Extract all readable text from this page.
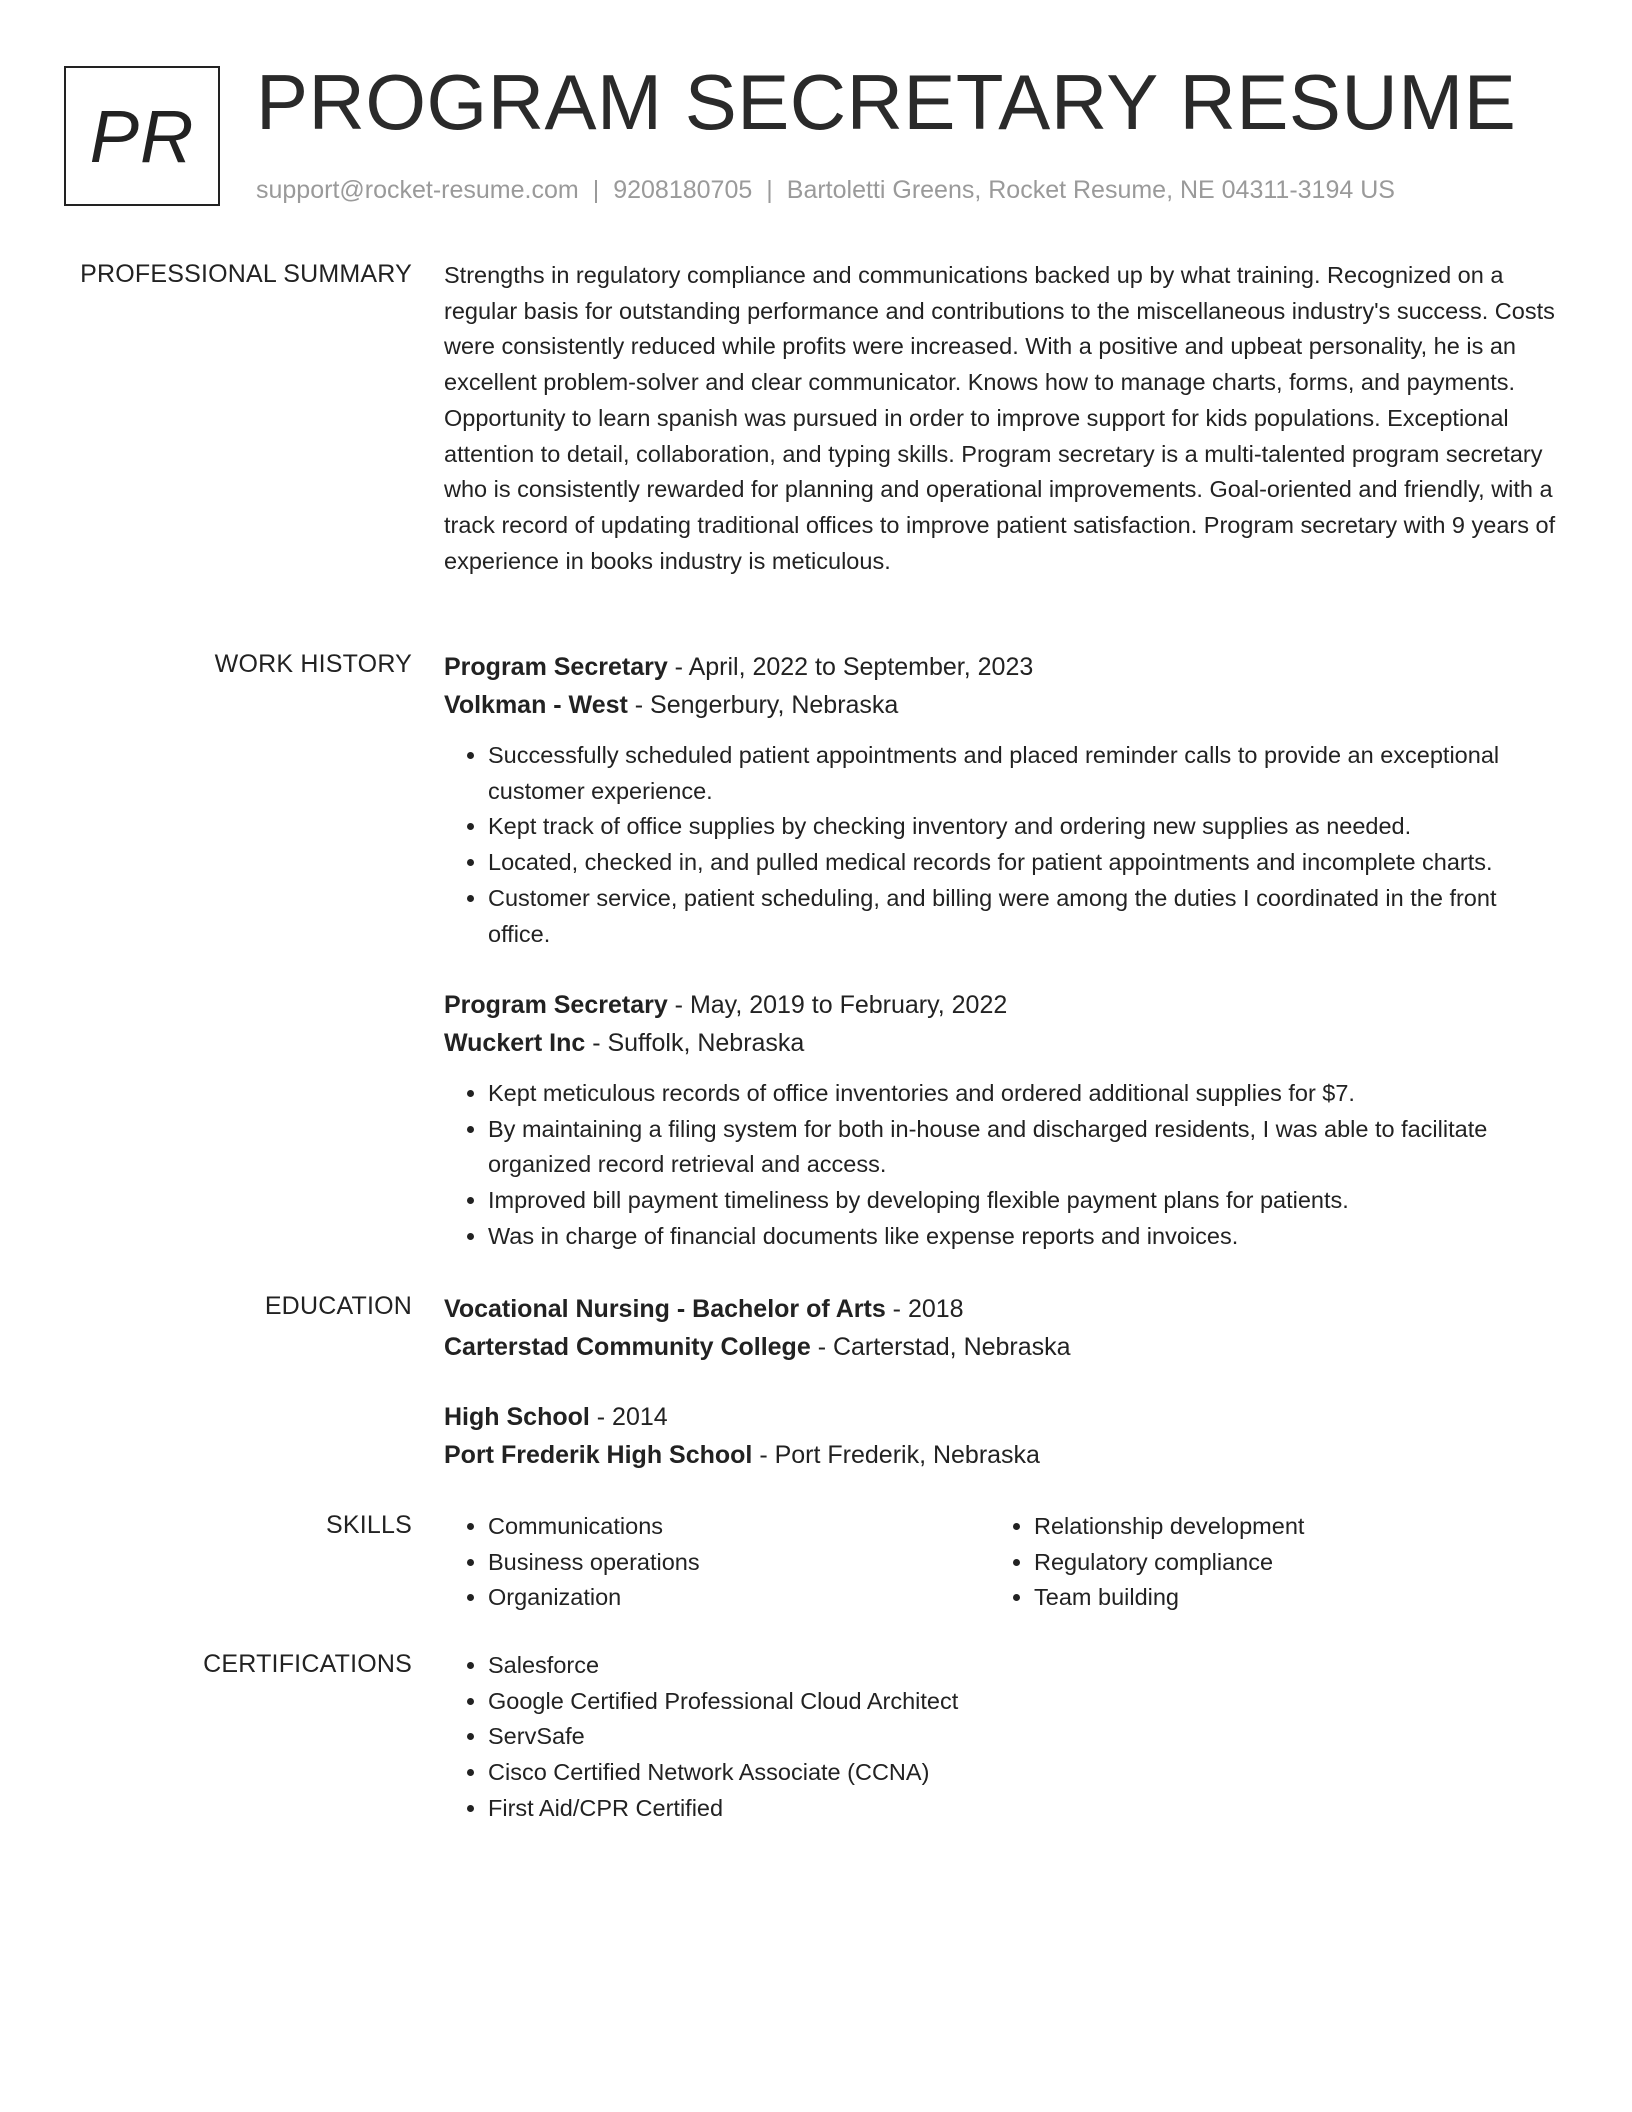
PR PROGRAM SECRETARY RESUME
support@rocket-resume.com | 9208180705 | Bartoletti Greens, Rocket Resume, NE 04311-3194 US
PROFESSIONAL SUMMARY Strengths in regulatory compliance and communications backed up by what training. Recognized on a regular basis for outstanding performance and contributions to the miscellaneous industry's success. Costs were consistently reduced while profits were increased. With a positive and upbeat personality, he is an excellent problem-solver and clear communicator. Knows how to manage charts, forms, and payments. Opportunity to learn spanish was pursued in order to improve support for kids populations. Exceptional attention to detail, collaboration, and typing skills. Program secretary is a multi-talented program secretary who is consistently rewarded for planning and operational improvements. Goal-oriented and friendly, with a track record of updating traditional offices to improve patient satisfaction. Program secretary with 9 years of experience in books industry is meticulous.

WORK HISTORY Program Secretary - April, 2022 to September, 2023
Volkman - West - Sengerbury, Nebraska
• Successfully scheduled patient appointments and placed reminder calls to provide an exceptional customer experience.
• Kept track of office supplies by checking inventory and ordering new supplies as needed.
• Located, checked in, and pulled medical records for patient appointments and incomplete charts.
• Customer service, patient scheduling, and billing were among the duties I coordinated in the front office.
Program Secretary - May, 2019 to February, 2022
Wuckert Inc - Suffolk, Nebraska
• Kept meticulous records of office inventories and ordered additional supplies for $7.
• By maintaining a filing system for both in-house and discharged residents, I was able to facilitate organized record retrieval and access.
• Improved bill payment timeliness by developing flexible payment plans for patients.
• Was in charge of financial documents like expense reports and invoices.
EDUCATION Vocational Nursing - Bachelor of Arts - 2018
Carterstad Community College - Carterstad, Nebraska
High School - 2014
Port Frederik High School - Port Frederik, Nebraska
SKILLS	• Communications
• Business operations
• Organization
• Relationship development
• Regulatory compliance
• Team building
CERTIFICATIONS	• Salesforce
• Google Certified Professional Cloud Architect
• ServSafe
• Cisco Certified Network Associate (CCNA)
• First Aid/CPR Certified
